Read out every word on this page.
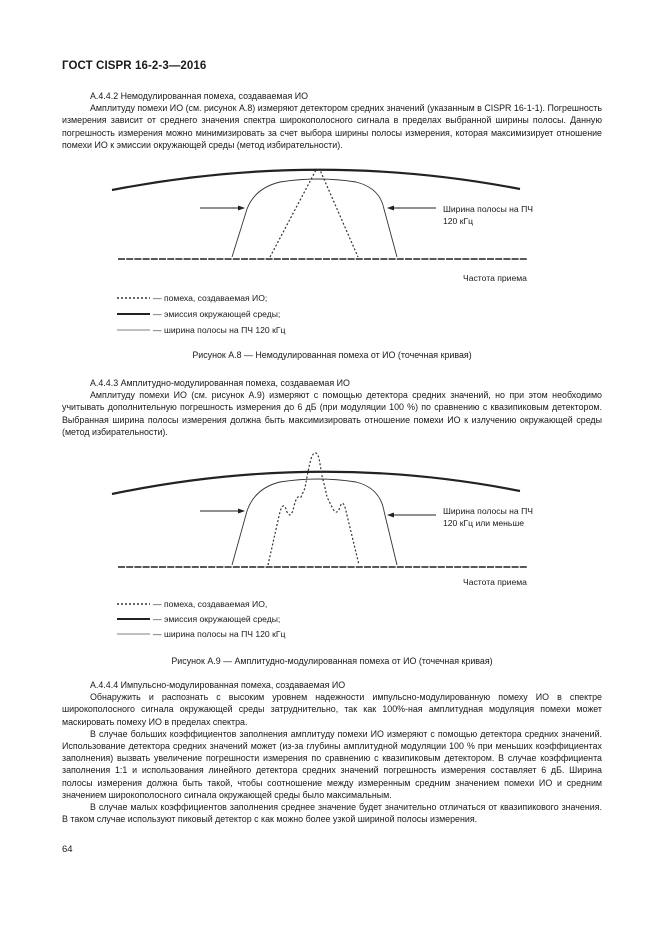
ГОСТ CISPR 16-2-3—2016

А.4.4.2 Немодулированная помеха, создаваемая ИО

Амплитуду помехи ИО (см. рисунок А.8) измеряют детектором средних значений (указанным в CISPR 16-1-1). Погрешность измерения зависит от среднего значения спектра широкополосного сигнала в пределах выбранной ширины полосы. Данную погрешность измерения можно минимизировать за счет выбора ширины полосы измерения, которая максимизирует отношение помехи ИО к эмиссии окружающей среды (метод избирательности).

Ширина полосы на ПЧ
120 кГц
Частота приема
— помеха, создаваемая ИО;
— эмиссия окружающей среды;
— ширина полосы на ПЧ 120 кГц
Рисунок А.8 — Немодулированная помеха от ИО (точечная кривая)

А.4.4.3 Амплитудно-модулированная помеха, создаваемая ИО

Амплитуду помехи ИО (см. рисунок А.9) измеряют с помощью детектора средних значений, но при этом необходимо учитывать дополнительную погрешность измерения до 6 дБ (при модуляции 100 %) по сравнению с квазипиковым детектором. Выбранная ширина полосы измерения должна быть максимизировать отношение помехи ИО к излучению окружающей среды (метод избирательности).

Ширина полосы на ПЧ
120 кГц или меньше
Частота приема
— помеха, создаваемая ИО,
— эмиссия окружающей среды;
— ширина полосы на ПЧ 120 кГц
Рисунок А.9 — Амплитудно-модулированная помеха от ИО (точечная кривая)

А.4.4.4 Импульсно-модулированная помеха, создаваемая ИО

Обнаружить и распознать с высоким уровнем надежности импульсно-модулированную помеху ИО в спектре широкополосного сигнала окружающей среды затруднительно, так как 100%-ная амплитудная модуляция помехи может маскировать помеху ИО в пределах спектра.

В случае больших коэффициентов заполнения амплитуду помехи ИО измеряют с помощью детектора средних значений. Использование детектора средних значений может (из-за глубины амплитудной модуляции 100 % при меньших коэффициентах заполнения) вызвать увеличение погрешности измерения по сравнению с квазипиковым детектором. В случае коэффициента заполнения 1:1 и использования линейного детектора средних значений погрешность измерения составляет 6 дБ. Ширина полосы измерения должна быть такой, чтобы соотношение между измеренным средним значением помехи ИО и средним значением широкополосного сигнала окружающей среды было максимальным.

В случае малых коэффициентов заполнения среднее значение будет значительно отличаться от квазипикового значения. В таком случае используют пиковый детектор с как можно более узкой шириной полосы измерения.

64
